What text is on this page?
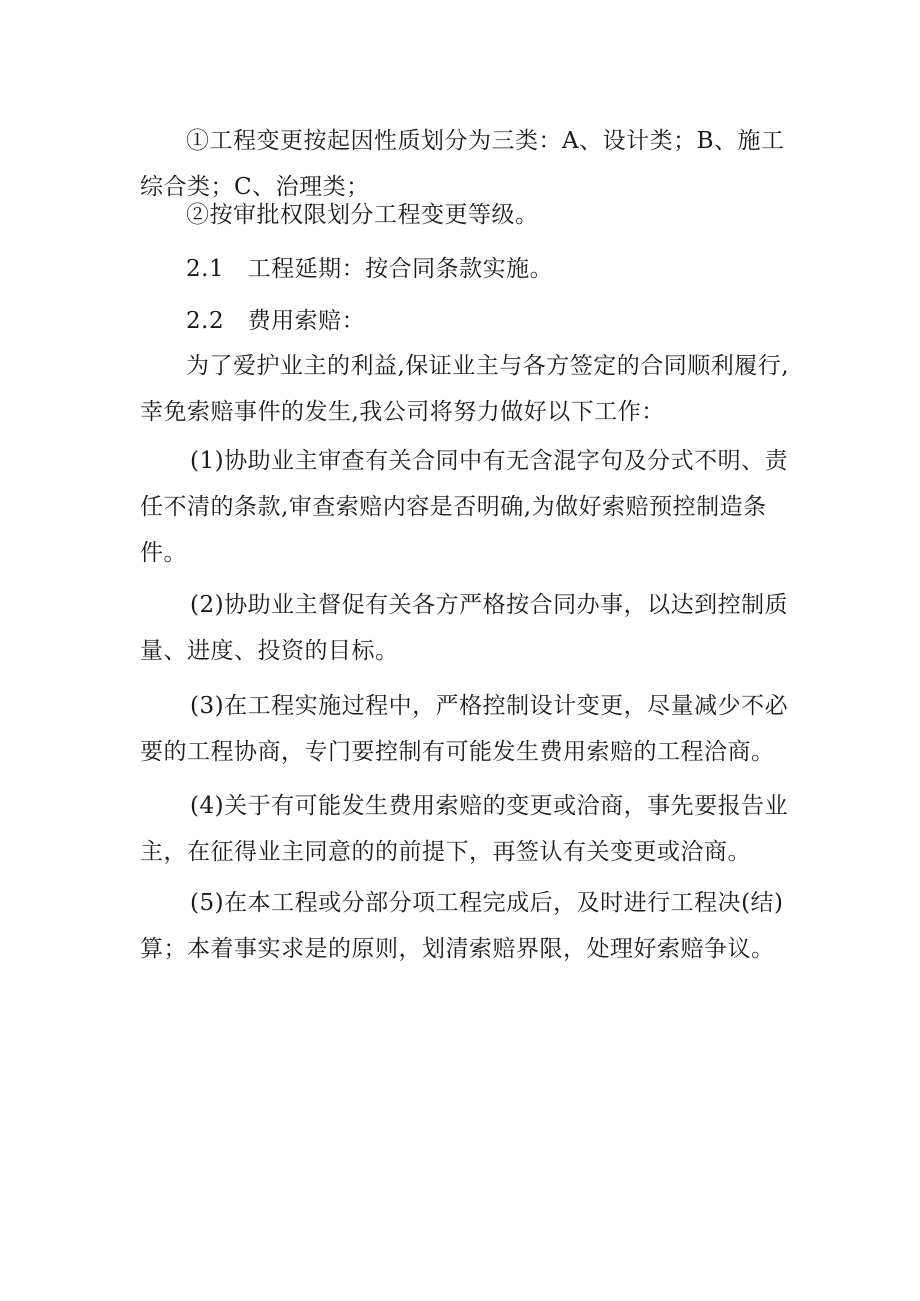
①工程变更按起因性质划分为三类：A、设计类；B、施工综合类；C、治理类；

②按审批权限划分工程变更等级。

2.1　工程延期：按合同条款实施。

2.2　费用索赔：

为了爱护业主的利益,保证业主与各方签定的合同顺利履行,幸免索赔事件的发生,我公司将努力做好以下工作：

(1)协助业主审查有关合同中有无含混字句及分式不明、责任不清的条款,审查索赔内容是否明确,为做好索赔预控制造条件。

(2)协助业主督促有关各方严格按合同办事，以达到控制质量、进度、投资的目标。

(3)在工程实施过程中，严格控制设计变更，尽量减少不必要的工程协商，专门要控制有可能发生费用索赔的工程洽商。

(4)关于有可能发生费用索赔的变更或洽商，事先要报告业主，在征得业主同意的的前提下，再签认有关变更或洽商。

(5)在本工程或分部分项工程完成后，及时进行工程决(结)算；本着事实求是的原则，划清索赔界限，处理好索赔争议。
